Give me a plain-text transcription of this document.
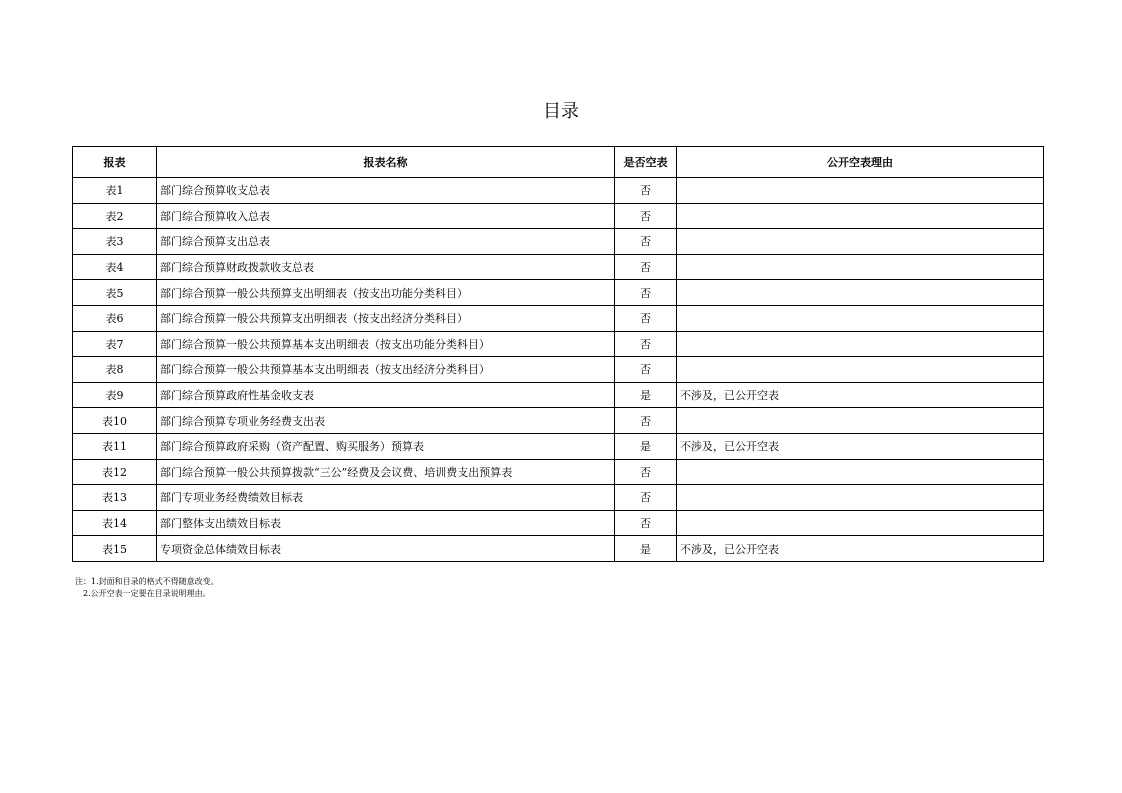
目录
报表	报表名称	是否空表	公开空表理由
表1	部门综合预算收支总表	否	
表2	部门综合预算收入总表	否	
表3	部门综合预算支出总表	否	
表4	部门综合预算财政拨款收支总表	否	
表5	部门综合预算一般公共预算支出明细表（按支出功能分类科目）	否	
表6	部门综合预算一般公共预算支出明细表（按支出经济分类科目）	否	
表7	部门综合预算一般公共预算基本支出明细表（按支出功能分类科目）	否	
表8	部门综合预算一般公共预算基本支出明细表（按支出经济分类科目）	否	
表9	部门综合预算政府性基金收支表	是	不涉及，已公开空表
表10	部门综合预算专项业务经费支出表	否	
表11	部门综合预算政府采购（资产配置、购买服务）预算表	是	不涉及，已公开空表
表12	部门综合预算一般公共预算拨款“三公”经费及会议费、培训费支出预算表	否	
表13	部门专项业务经费绩效目标表	否	
表14	部门整体支出绩效目标表	否	
表15	专项资金总体绩效目标表	是	不涉及，已公开空表
注：1.封面和目录的格式不得随意改变。
2.公开空表一定要在目录说明理由。
